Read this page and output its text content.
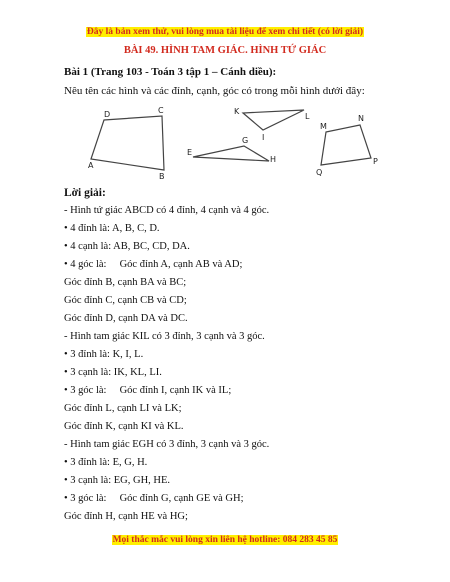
Đây là bản xem thử, vui lòng mua tài liệu để xem chi tiết (có lời giải)
BÀI 49. HÌNH TAM GIÁC. HÌNH TỨ GIÁC
Bài 1 (Trang 103 - Toán 3 tập 1 – Cánh diều):
Nêu tên các hình và các đỉnh, cạnh, góc có trong mỗi hình dưới đây:
A
B
C
D	K
I
L
E
G
H
M
N
P
Q
Lời giải:
- Hình tứ giác ABCD có 4 đỉnh, 4 cạnh và 4 góc.
• 4 đỉnh là: A, B, C, D.
• 4 cạnh là: AB, BC, CD, DA.
• 4 góc là:     Góc đỉnh A, cạnh AB và AD;
Góc đỉnh B, cạnh BA và BC;
Góc đỉnh C, cạnh CB và CD;
Góc đỉnh D, cạnh DA và DC.
- Hình tam giác KIL có 3 đỉnh, 3 cạnh và 3 góc.
• 3 đỉnh là: K, I, L.
• 3 cạnh là: IK, KL, LI.
• 3 góc là:     Góc đỉnh I, cạnh IK và IL;
Góc đỉnh L, cạnh LI và LK;
Góc đỉnh K, cạnh KI và KL.
- Hình tam giác EGH có 3 đỉnh, 3 cạnh và 3 góc.
• 3 đỉnh là: E, G, H.
• 3 cạnh là: EG, GH, HE.
• 3 góc là:     Góc đỉnh G, cạnh GE và GH;
Góc đỉnh H, cạnh HE và HG;
Mọi thắc mắc vui lòng xin liên hệ hotline: 084 283 45 85
